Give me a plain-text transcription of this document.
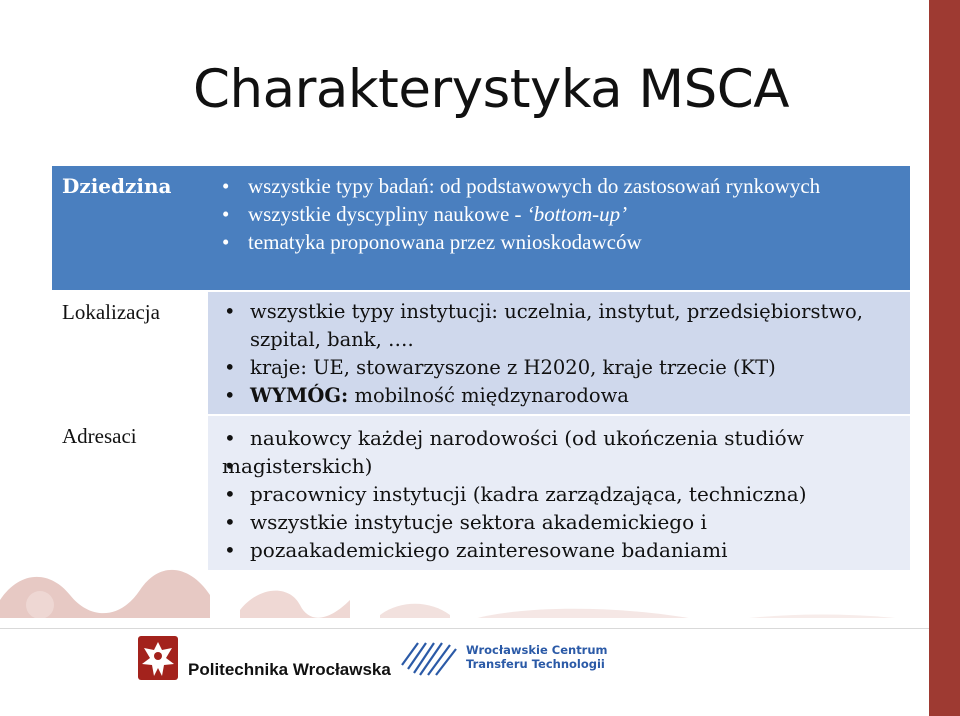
Charakterystyka MSCA
Dziedzina	• wszystkie typy badań: od podstawowych do zastosowań rynkowych
• wszystkie dyscypliny naukowe - ‘bottom-up’
• tematyka proponowana przez wnioskodawców
Lokalizacja	• wszystkie typy instytucji: uczelnia, instytut, przedsiębiorstwo, szpital, bank, ….
• kraje: UE, stowarzyszone z H2020, kraje trzecie (KT)
• WYMÓG: mobilność międzynarodowa
Adresaci	• naukowcy każdej narodowości (od ukończenia studiów
• magisterskich)
• pracownicy instytucji (kadra zarządzająca, techniczna)
• wszystkie instytucje sektora akademickiego i
• pozaakademickiego zainteresowane badaniami
Politechnika Wrocławska
Wrocławskie Centrum
Transferu Technologii
